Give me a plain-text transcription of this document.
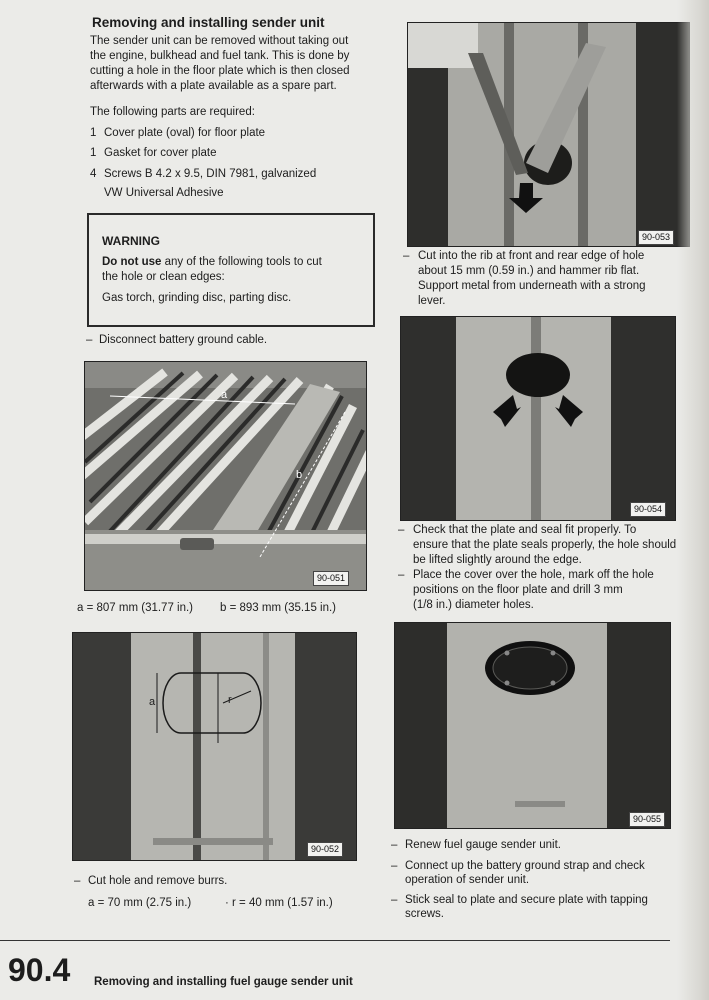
Removing and installing sender unit
The sender unit can be removed without taking out
the engine, bulkhead and fuel tank. This is done by
cutting a hole in the floor plate which is then closed
afterwards with a plate available as a spare part.
The following parts are required:
1 Cover plate (oval) for floor plate
1 Gasket for cover plate
4 Screws B 4.2 x 9.5, DIN 7981, galvanized
VW Universal Adhesive
WARNING
Do not use any of the following tools to cut
the hole or clean edges:
Gas torch, grinding disc, parting disc.
– Disconnect battery ground cable.
a
b
90-051
a = 807 mm (31.77 in.) b = 893 mm (35.15 in.)
a	r
90-052
– Cut hole and remove burrs.
a = 70 mm (2.75 in.)	· r = 40 mm (1.57 in.)
90-053
– Cut into the rib at front and rear edge of hole
about 15 mm (0.59 in.) and hammer rib flat.
Support metal from underneath with a strong
lever.
90-054
– Check that the plate and seal fit properly. To
ensure that the plate seals properly, the hole should
be lifted slightly around the edge.
– Place the cover over the hole, mark off the hole
positions on the floor plate and drill 3 mm
(1/8 in.) diameter holes.
90-055
– Renew fuel gauge sender unit.
– Connect up the battery ground strap and check
operation of sender unit.
– Stick seal to plate and secure plate with tapping
screws.
90.4 Removing and installing fuel gauge sender unit
